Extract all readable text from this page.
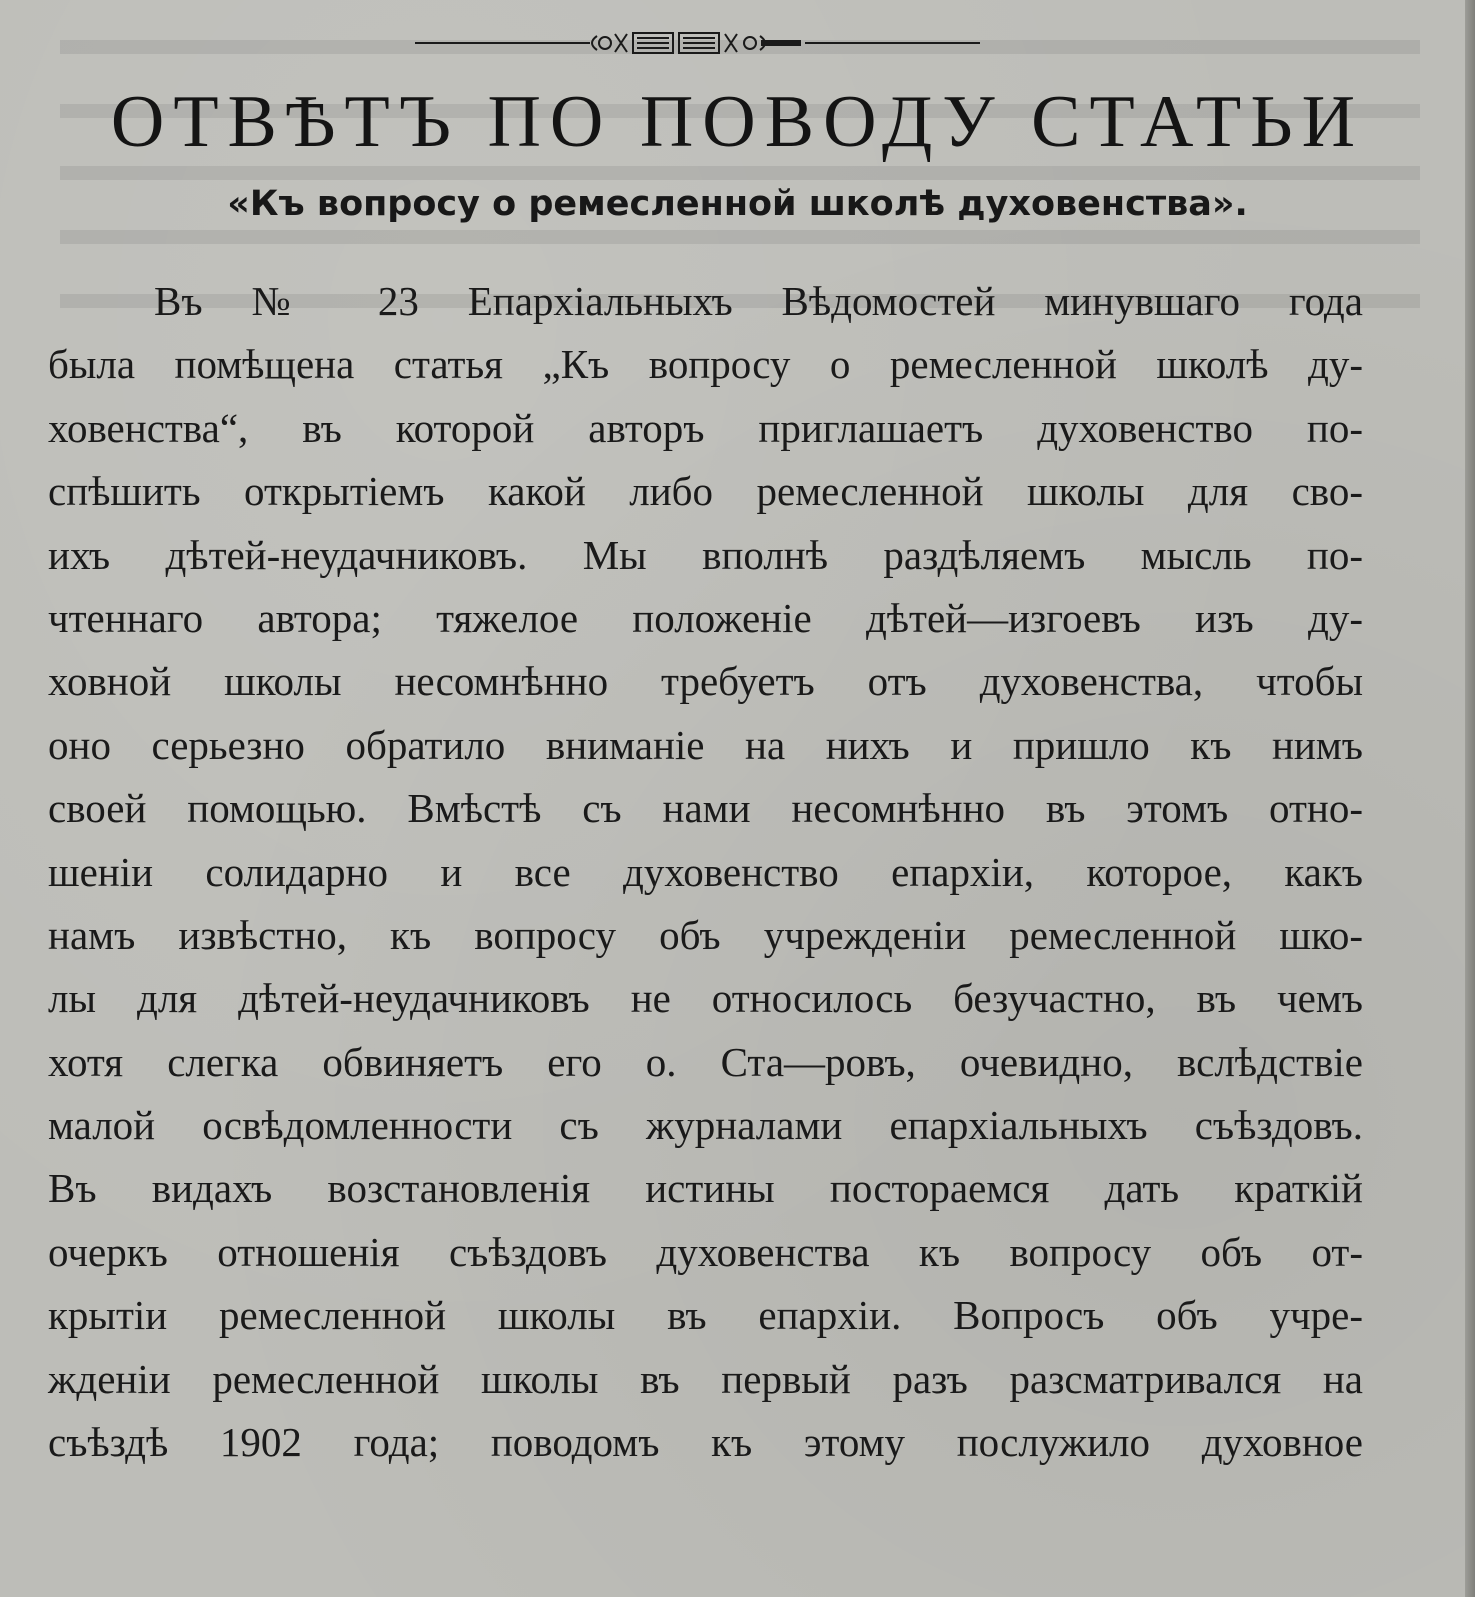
ОТВѢТЪ ПО ПОВОДУ СТАТЬИ
«Къ вопросу о ремесленной школѣ духовенства».
Въ № 23 Епархіальныхъ Вѣдомостей минувшаго года
была помѣщена статья „Къ вопросу о ремесленной школѣ ду-
ховенства“, въ которой авторъ приглашаетъ духовенство по-
спѣшить открытіемъ какой либо ремесленной школы для сво-
ихъ дѣтей-неудачниковъ. Мы вполнѣ раздѣляемъ мысль по-
чтеннаго автора; тяжелое положеніе дѣтей—изгоевъ изъ ду-
ховной школы несомнѣнно требуетъ отъ духовенства, чтобы
оно серьезно обратило вниманіе на нихъ и пришло къ нимъ
своей помощью. Вмѣстѣ съ нами несомнѣнно въ этомъ отно-
шеніи солидарно и все духовенство епархіи, которое, какъ
намъ извѣстно, къ вопросу объ учрежденіи ремесленной шко-
лы для дѣтей-неудачниковъ не относилось безучастно, въ чемъ
хотя слегка обвиняетъ его о. Ста—ровъ, очевидно, вслѣдствіе
малой освѣдомленности съ журналами епархіальныхъ съѣздовъ.
Въ видахъ возстановленія истины постораемся дать краткій
очеркъ отношенія съѣздовъ духовенства къ вопросу объ от-
крытіи ремесленной школы въ епархіи. Вопросъ объ учре-
жденіи ремесленной школы въ первый разъ разсматривался на
съѣздѣ 1902 года; поводомъ къ этому послужило духовное
